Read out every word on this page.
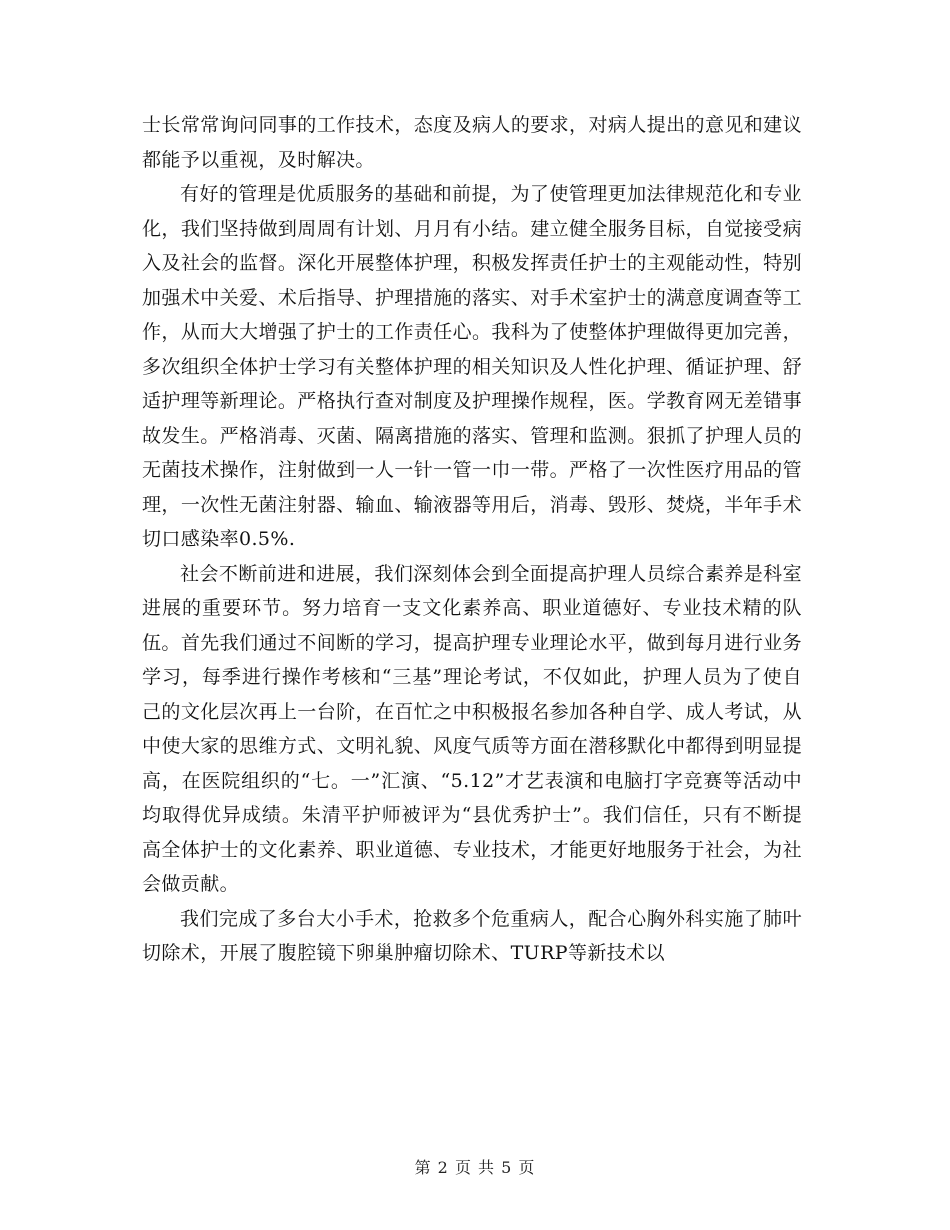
士长常常询问同事的工作技术，态度及病人的要求，对病人提出的意见和建议都能予以重视，及时解决。

有好的管理是优质服务的基础和前提，为了使管理更加法律规范化和专业化，我们坚持做到周周有计划、月月有小结。建立健全服务目标，自觉接受病入及社会的监督。深化开展整体护理，积极发挥责任护士的主观能动性，特别加强术中关爱、术后指导、护理措施的落实、对手术室护士的满意度调查等工作，从而大大增强了护士的工作责任心。我科为了使整体护理做得更加完善，多次组织全体护士学习有关整体护理的相关知识及人性化护理、循证护理、舒适护理等新理论。严格执行查对制度及护理操作规程，医。学教育网无差错事故发生。严格消毒、灭菌、隔离措施的落实、管理和监测。狠抓了护理人员的无菌技术操作，注射做到一人一针一管一巾一带。严格了一次性医疗用品的管理，一次性无菌注射器、输血、输液器等用后，消毒、毁形、焚烧，半年手术切口感染率0.5%.

社会不断前进和进展，我们深刻体会到全面提高护理人员综合素养是科室进展的重要环节。努力培育一支文化素养高、职业道德好、专业技术精的队伍。首先我们通过不间断的学习，提高护理专业理论水平，做到每月进行业务学习，每季进行操作考核和“三基”理论考试，不仅如此，护理人员为了使自己的文化层次再上一台阶，在百忙之中积极报名参加各种自学、成人考试，从中使大家的思维方式、文明礼貌、风度气质等方面在潜移默化中都得到明显提高，在医院组织的“七。一”汇演、“5.12”才艺表演和电脑打字竞赛等活动中均取得优异成绩。朱清平护师被评为“县优秀护士”。我们信任，只有不断提高全体护士的文化素养、职业道德、专业技术，才能更好地服务于社会，为社会做贡献。

我们完成了多台大小手术，抢救多个危重病人，配合心胸外科实施了肺叶切除术，开展了腹腔镜下卵巢肿瘤切除术、TURP等新技术以

第 2 页 共 5 页
